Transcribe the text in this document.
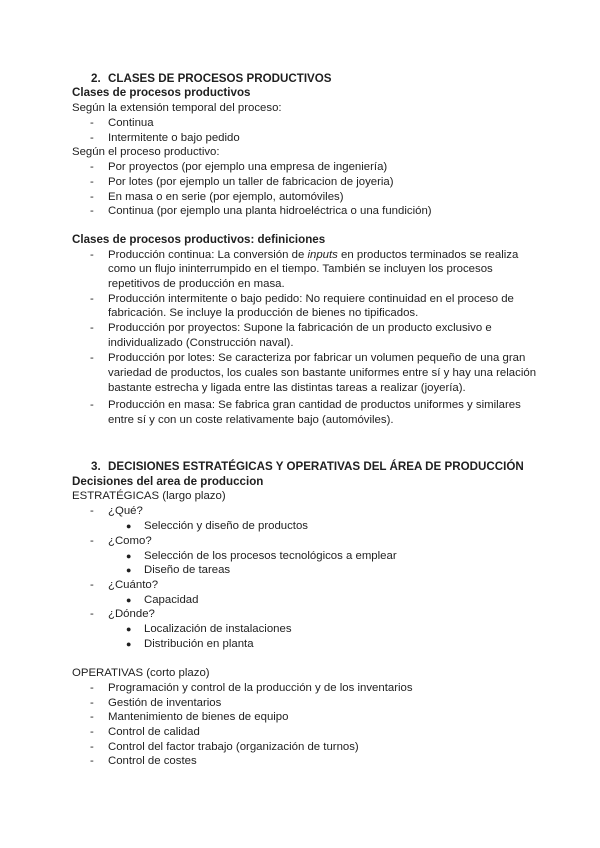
2. CLASES DE PROCESOS PRODUCTIVOS
Clases de procesos productivos
Según la extensión temporal del proceso:
- Continua
- Intermitente o bajo pedido
Según el proceso productivo:
- Por proyectos (por ejemplo una empresa de ingeniería)
- Por lotes (por ejemplo un taller de fabricacion de joyeria)
- En masa o en serie (por ejemplo, automóviles)
- Continua (por ejemplo una planta hidroeléctrica o una fundición)
Clases de procesos productivos: definiciones
- Producción continua: La conversión de inputs en productos terminados se realiza
como un flujo ininterrumpido en el tiempo. También se incluyen los procesos
repetitivos de producción en masa.
- Producción intermitente o bajo pedido: No requiere continuidad en el proceso de
fabricación. Se incluye la producción de bienes no tipificados.
- Producción por proyectos: Supone la fabricación de un producto exclusivo e
individualizado (Construcción naval).
- Producción por lotes: Se caracteriza por fabricar un volumen pequeño de una gran
variedad de productos, los cuales son bastante uniformes entre sí y hay una relación
bastante estrecha y ligada entre las distintas tareas a realizar (joyería).
- Producción en masa: Se fabrica gran cantidad de productos uniformes y similares
entre sí y con un coste relativamente bajo (automóviles).
3. DECISIONES ESTRATÉGICAS Y OPERATIVAS DEL ÁREA DE PRODUCCIÓN
Decisiones del area de produccion
ESTRATÉGICAS (largo plazo)
- ¿Qué?
● Selección y diseño de productos
- ¿Como?
● Selección de los procesos tecnológicos a emplear
● Diseño de tareas
- ¿Cuánto?
● Capacidad
- ¿Dónde?
● Localización de instalaciones
● Distribución en planta
OPERATIVAS (corto plazo)
- Programación y control de la producción y de los inventarios
- Gestión de inventarios
- Mantenimiento de bienes de equipo
- Control de calidad
- Control del factor trabajo (organización de turnos)
- Control de costes
